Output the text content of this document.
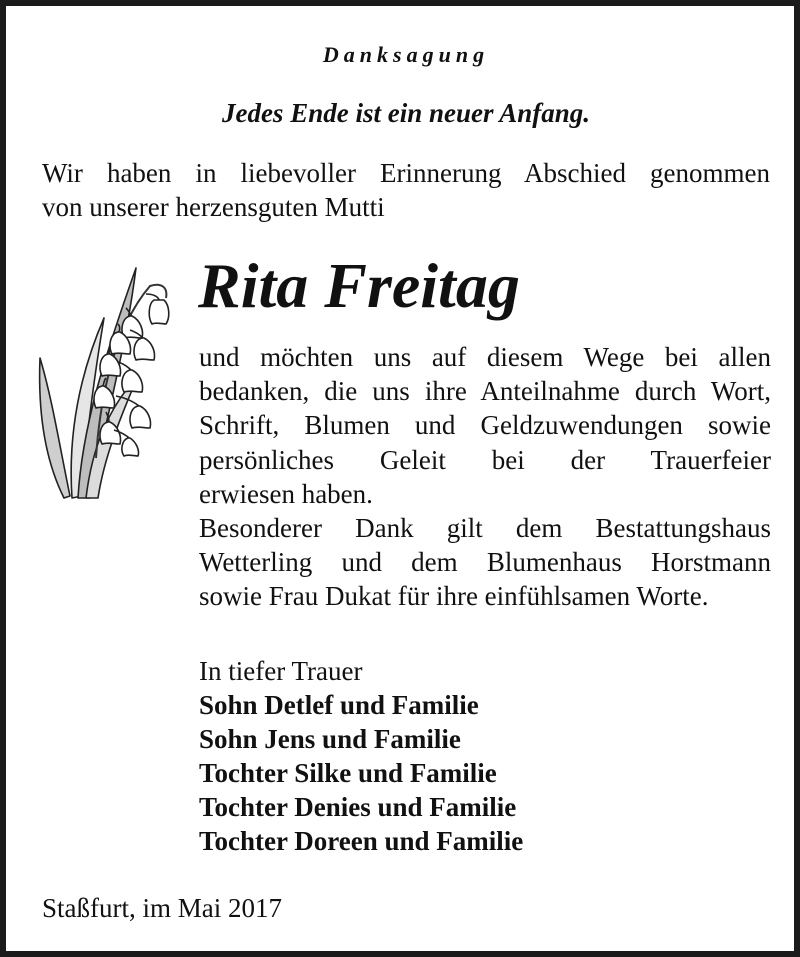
Danksagung
Jedes Ende ist ein neuer Anfang.
Wir haben in liebevoller Erinnerung Abschied genommen
von unserer herzensguten Mutti
Rita Freitag

und möchten uns auf diesem Wege bei allen bedanken, die uns ihre Anteilnahme durch Wort, Schrift, Blumen und Geldzuwendungen sowie persönliches Geleit bei der Trauerfeier
erwiesen haben.

Besonderer Dank gilt dem Bestattungshaus Wetterling und dem Blumenhaus Horstmann
sowie Frau Dukat für ihre einfühlsamen Worte.

In tiefer Trauer
Sohn Detlef und Familie
Sohn Jens und Familie
Tochter Silke und Familie
Tochter Denies und Familie
Tochter Doreen und Familie
Staßfurt, im Mai 2017
